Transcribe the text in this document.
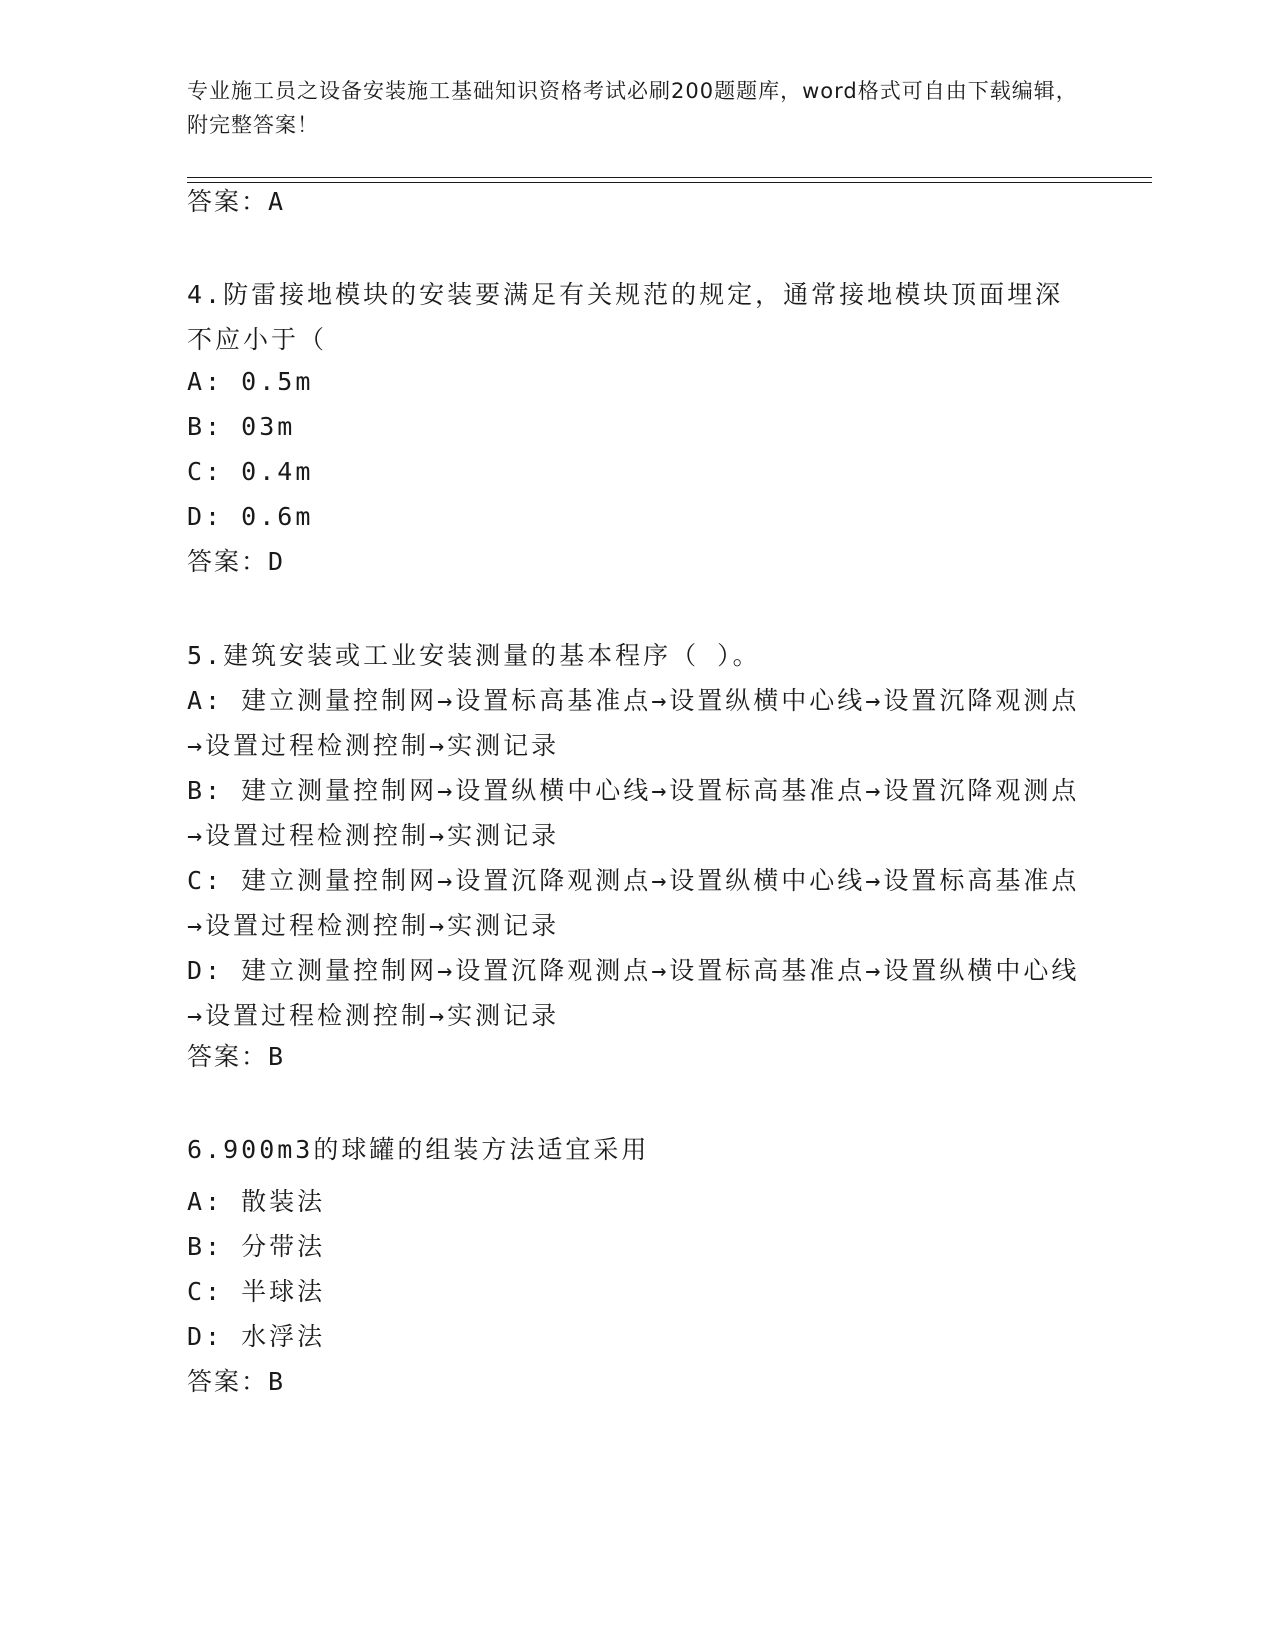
专业施工员之设备安装施工基础知识资格考试必刷200题题库，word格式可自由下载编辑，附完整答案！
答案：A
4.防雷接地模块的安装要满足有关规范的规定，通常接地模块顶面埋深不应小于（
A: 0.5m
B: 03m
C: 0.4m
D: 0.6m
答案：D
5.建筑安装或工业安装测量的基本程序（ ）。
A: 建立测量控制网→设置标高基准点→设置纵横中心线→设置沉降观测点→设置过程检测控制→实测记录
B: 建立测量控制网→设置纵横中心线→设置标高基准点→设置沉降观测点→设置过程检测控制→实测记录
C: 建立测量控制网→设置沉降观测点→设置纵横中心线→设置标高基准点→设置过程检测控制→实测记录
D: 建立测量控制网→设置沉降观测点→设置标高基准点→设置纵横中心线→设置过程检测控制→实测记录
答案：B
6.900m3的球罐的组装方法适宜采用
A: 散装法
B: 分带法
C: 半球法
D: 水浮法
答案：B
